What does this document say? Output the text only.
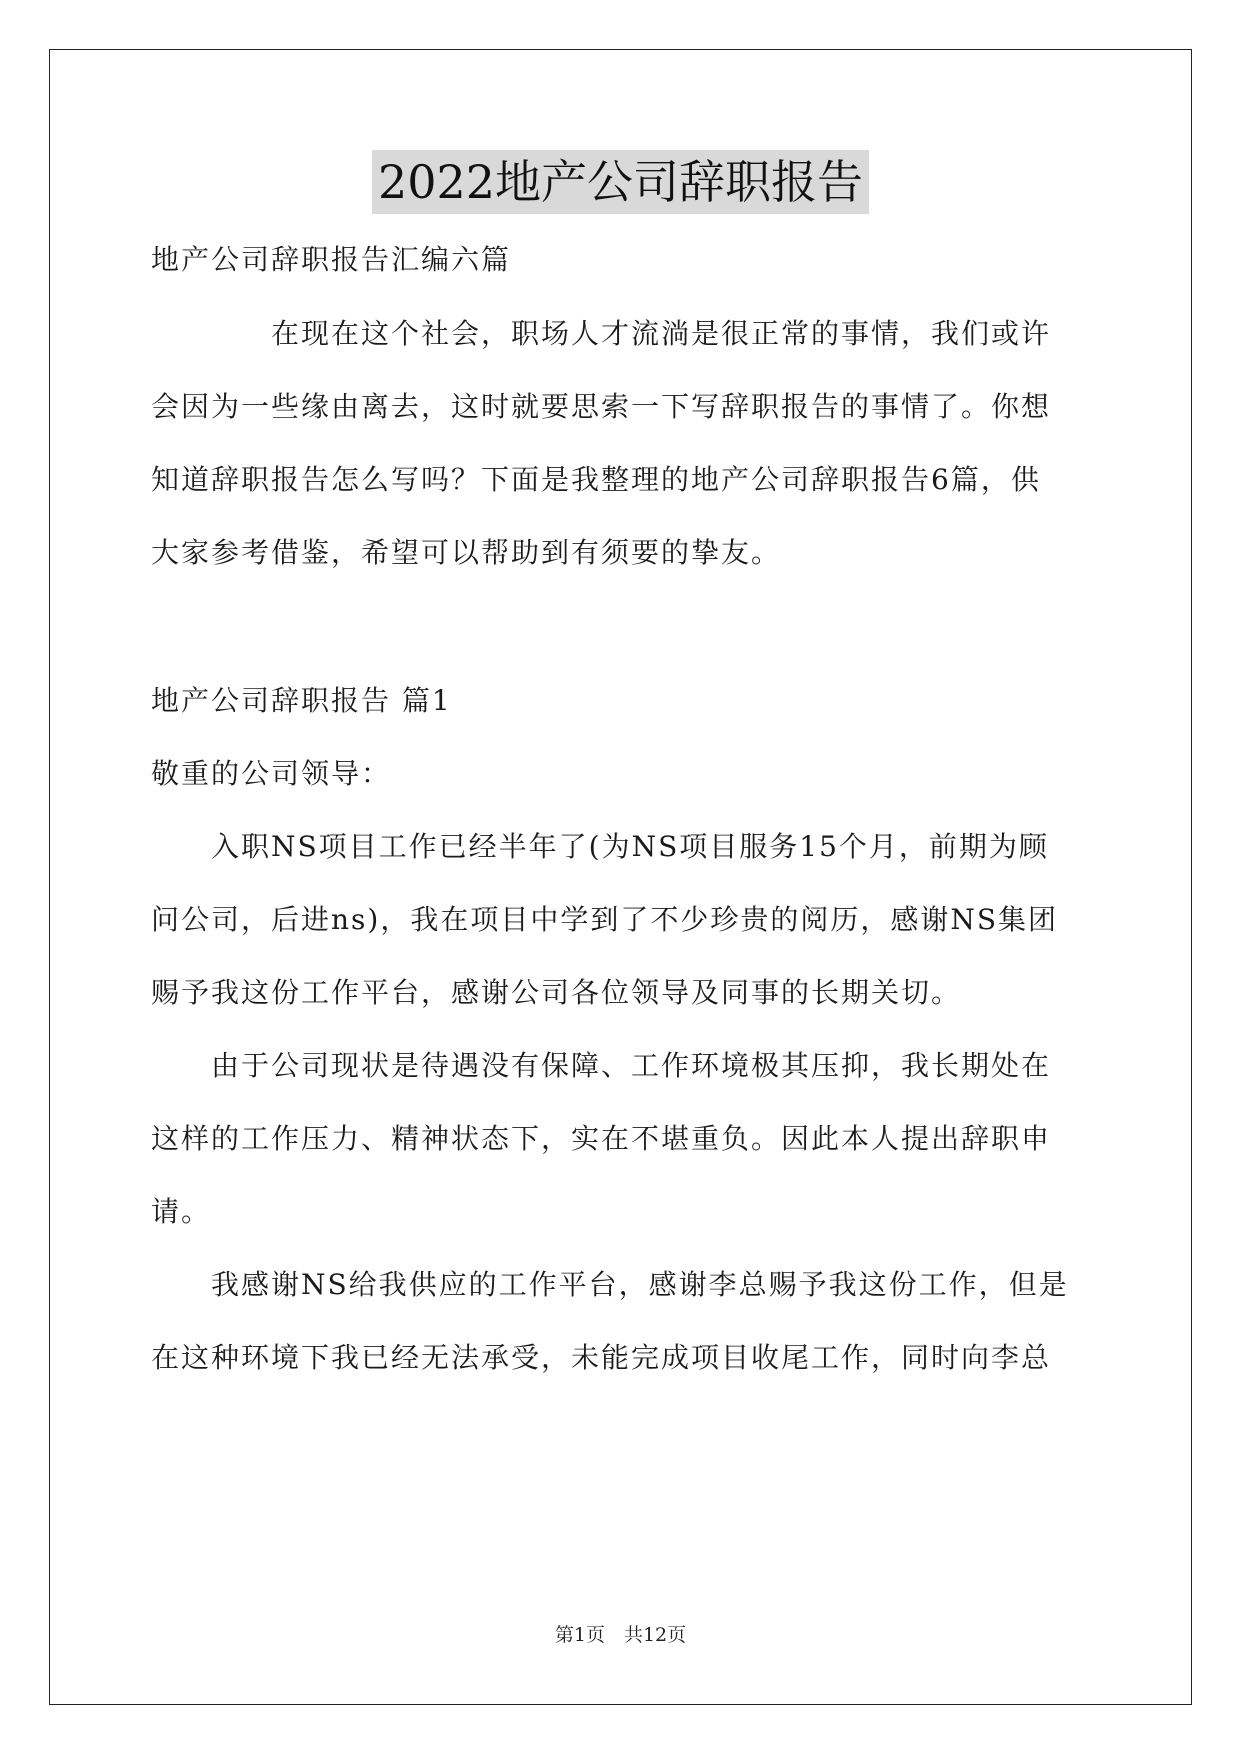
2022地产公司辞职报告
地产公司辞职报告汇编六篇
　　　　在现在这个社会，职场人才流淌是很正常的事情，我们或许
会因为一些缘由离去，这时就要思索一下写辞职报告的事情了。你想
知道辞职报告怎么写吗？下面是我整理的地产公司辞职报告6篇，供
大家参考借鉴，希望可以帮助到有须要的挚友。
地产公司辞职报告 篇1
敬重的公司领导：
　　入职NS项目工作已经半年了(为NS项目服务15个月，前期为顾
问公司，后进ns)，我在项目中学到了不少珍贵的阅历，感谢NS集团
赐予我这份工作平台，感谢公司各位领导及同事的长期关切。
　　由于公司现状是待遇没有保障、工作环境极其压抑，我长期处在
这样的工作压力、精神状态下，实在不堪重负。因此本人提出辞职申
请。
　　我感谢NS给我供应的工作平台，感谢李总赐予我这份工作，但是
在这种环境下我已经无法承受，未能完成项目收尾工作，同时向李总
第1页　共12页
